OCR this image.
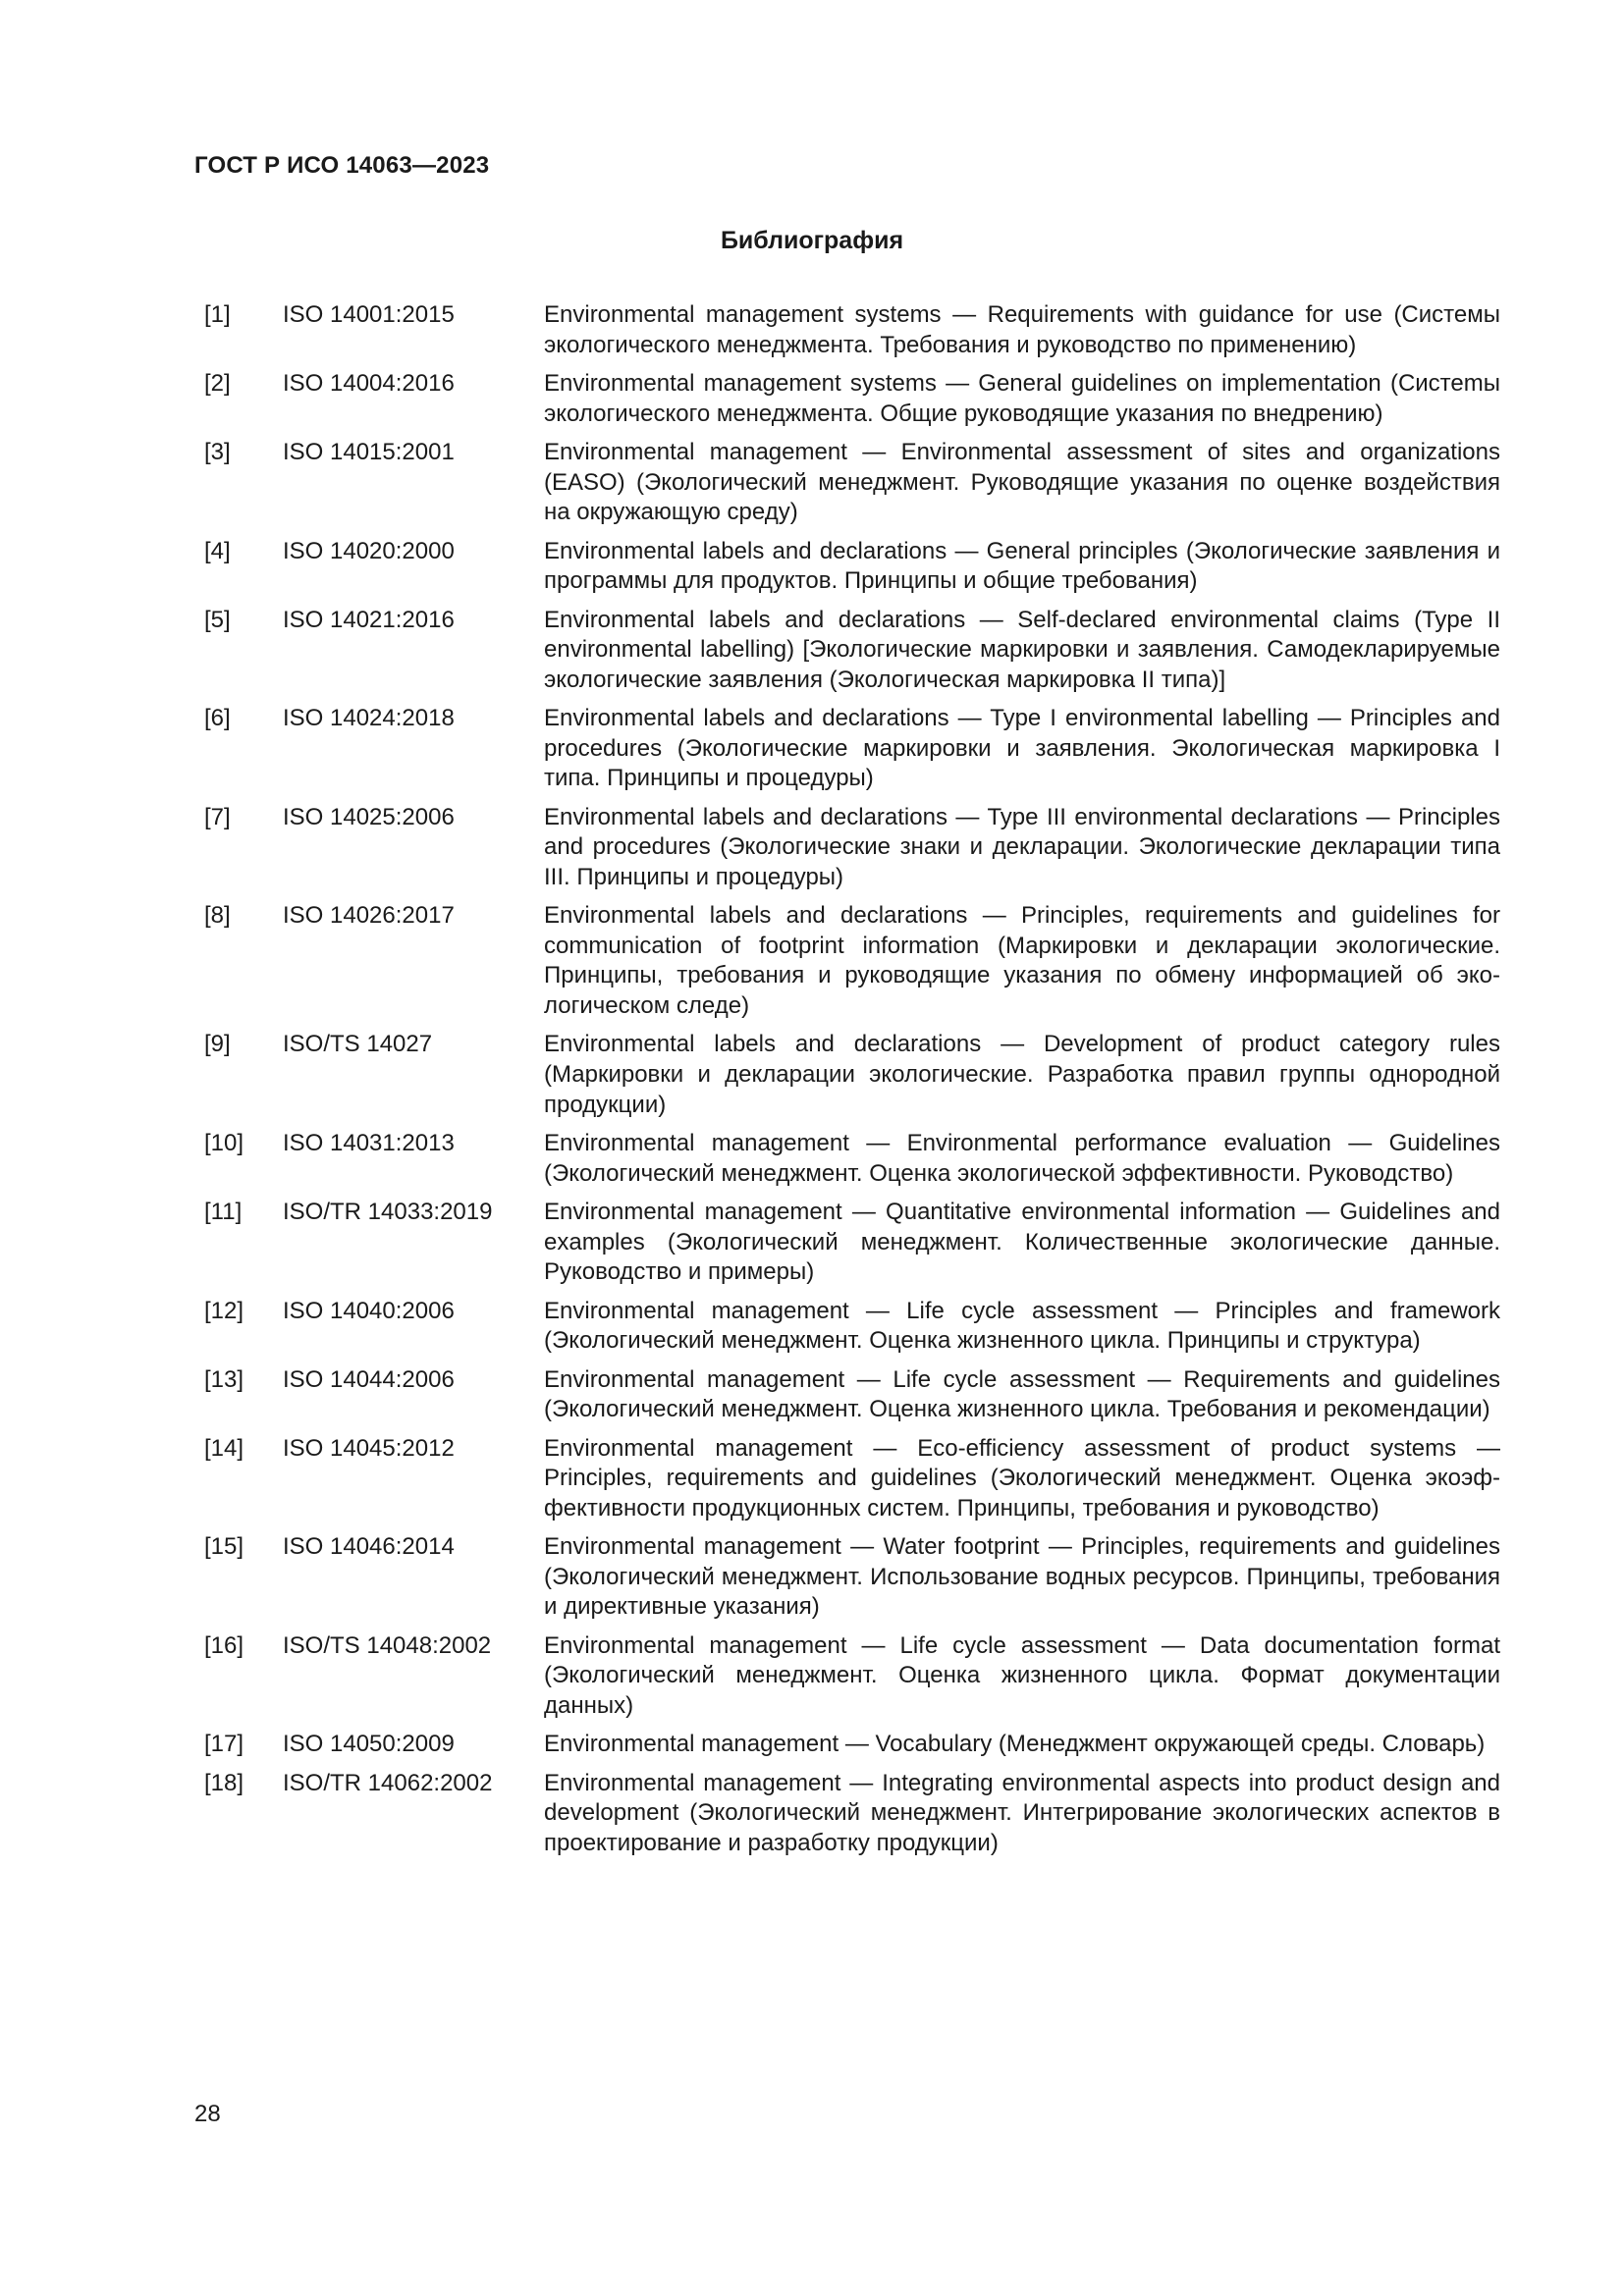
ГОСТ Р ИСО 14063—2023
Библиография
[1]	ISO 14001:2015	Environmental management systems — Requirements with guidance for use (Системы экологического менеджмента. Требования и руководство по применению)
[2]	ISO 14004:2016	Environmental management systems — General guidelines on implementation (Систеmы экологического менеджмента. Общие руководящие указания по внедрению)
[3]	ISO 14015:2001	Environmental management — Environmental assessment of sites and organizations (EASO) (Экологический менеджмент. Руководящие указания по оценке воздействия на окружающую среду)
[4]	ISO 14020:2000	Environmental labels and declarations — General principles (Экологические заявления и программы для продуктов. Принципы и общие требования)
[5]	ISO 14021:2016	Environmental labels and declarations — Self-declared environmental claims (Type II environmental labelling) [Экологические маркировки и заявления. Самодекларируемые экологические заявления (Экологическая маркировка II типа)]
[6]	ISO 14024:2018	Environmental labels and declarations — Type I environmental labelling — Principles and procedures (Экологические маркировки и заявления. Экологическая маркировка I типа. Принципы и процедуры)
[7]	ISO 14025:2006	Environmental labels and declarations — Type III environmental declarations — Principles and procedures (Экологические знаки и декларации. Экологические декларации типа III. Принципы и процедуры)
[8]	ISO 14026:2017	Environmental labels and declarations — Principles, requirements and guidelines for communication of footprint information (Маркировки и декларации экологические. Принципы, требования и руководящие указания по обмену информацией об экологическом следе)
[9]	ISO/TS 14027	Environmental labels and declarations — Development of product category rules (Маркировки и декларации экологические. Разработка правил группы однородной продукции)
[10]	ISO 14031:2013	Environmental management — Environmental performance evaluation — Guidelines (Экологический менеджмент. Оценка экологической эффективности. Руководство)
[11]	ISO/TR 14033:2019	Environmental management — Quantitative environmental information — Guidelines and examples (Экологический менеджмент. Количественные экологические данные. Руководство и примеры)
[12]	ISO 14040:2006	Environmental management — Life cycle assessment — Principles and framework (Экологический менеджмент. Оценка жизненного цикла. Принципы и структура)
[13]	ISO 14044:2006	Environmental management — Life cycle assessment — Requirements and guidelines (Экологический менеджмент. Оценка жизненного цикла. Требования и рекомендации)
[14]	ISO 14045:2012	Environmental management — Eco-efficiency assessment of product systems — Principles, requirements and guidelines (Экологический менеджмент. Оценка экоэффективности продукционных систем. Принципы, требования и руководство)
[15]	ISO 14046:2014	Environmental management — Water footprint — Principles, requirements and guidelines (Экологический менеджмент. Использование водных ресурсов. Принципы, требования и директивные указания)
[16]	ISO/TS 14048:2002	Environmental management — Life cycle assessment — Data documentation format (Экологический менеджмент. Оценка жизненного цикла. Формат документации данных)
[17]	ISO 14050:2009	Environmental management — Vocabulary (Менеджмент окружающей среды. Словарь)
[18]	ISO/TR 14062:2002	Environmental management — Integrating environmental aspects into product design and development (Экологический менеджмент. Интегрирование экологических аспектов в проектирование и разработку продукции)
28
